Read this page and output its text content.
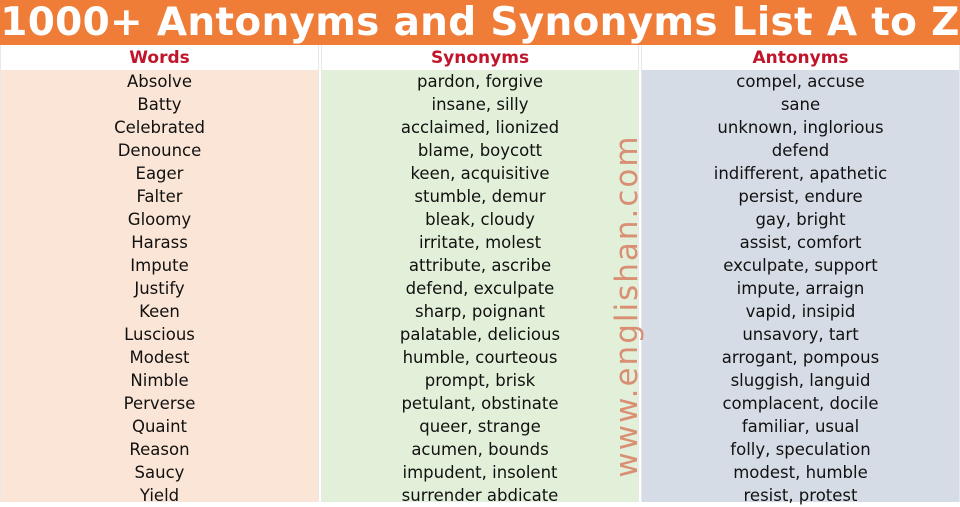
1000+ Antonyms and Synonyms List A to Z
Words
Absolve
Batty
Celebrated
Denounce
Eager
Falter
Gloomy
Harass
Impute
Justify
Keen
Luscious
Modest
Nimble
Perverse
Quaint
Reason
Saucy
Yield
Synonyms
pardon, forgive
insane, silly
acclaimed, lionized
blame, boycott
keen, acquisitive
stumble, demur
bleak, cloudy
irritate, molest
attribute, ascribe
defend, exculpate
sharp, poignant
palatable, delicious
humble, courteous
prompt, brisk
petulant, obstinate
queer, strange
acumen, bounds
impudent, insolent
surrender abdicate
Antonyms
compel, accuse
sane
unknown, inglorious
defend
indifferent, apathetic
persist, endure
gay, bright
assist, comfort
exculpate, support
impute, arraign
vapid, insipid
unsavory, tart
arrogant, pompous
sluggish, languid
complacent, docile
familiar, usual
folly, speculation
modest, humble
resist, protest
www.englishan.com
